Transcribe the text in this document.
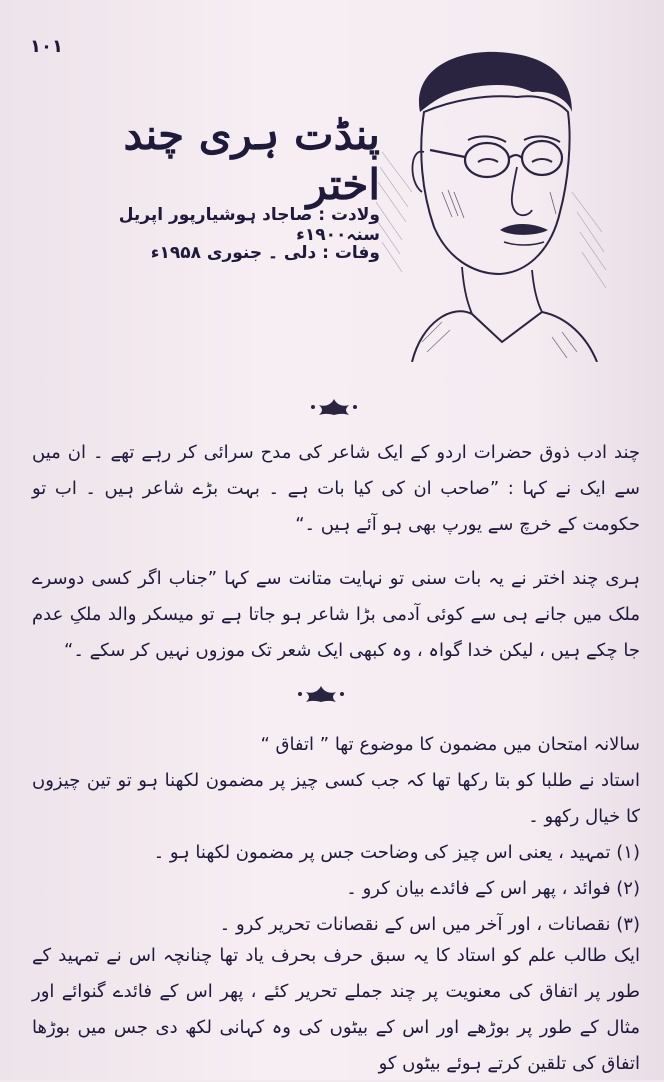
۱۰۱
پنڈت ہری چند اختر
ولادت : صاجاد ہوشیارپور اپریل سنہ۱۹۰۰ء
وفات : دلی ۔ جنوری ۱۹۵۸ء
چند ادب ذوق حضرات اردو کے ایک شاعر کی مدح سرائی کر رہے تھے ۔ ان میں سے ایک نے کہا : ”صاحب ان کی کیا بات ہے ۔ بہت بڑے شاعر ہیں ۔ اب تو حکومت کے خرچ سے یورپ بھی ہو آئے ہیں ۔“
ہری چند اختر نے یہ بات سنی تو نہایت متانت سے کہا ”جناب اگر کسی دوسرے ملک میں جانے ہی سے کوئی آدمی بڑا شاعر ہو جاتا ہے تو میسکر والد ملکِ عدم جا چکے ہیں ، لیکن خدا گواہ ، وہ کبھی ایک شعر تک موزوں نہیں کر سکے ۔“
سالانہ امتحان میں مضمون کا موضوع تھا ” اتفاق “
استاد نے طلبا کو بتا رکھا تھا کہ جب کسی چیز پر مضمون لکھنا ہو تو تین چیزوں کا خیال رکھو ۔
(۱) تمہید ، یعنی اس چیز کی وضاحت جس پر مضمون لکھنا ہو ۔
(۲) فوائد ، پھر اس کے فائدے بیان کرو ۔
(۳) نقصانات ، اور آخر میں اس کے نقصانات تحریر کرو ۔
ایک طالب علم کو استاد کا یہ سبق حرف بحرف یاد تھا چنانچہ اس نے تمہید کے طور پر اتفاق کی معنویت پر چند جملے تحریر کئے ، پھر اس کے فائدے گنوائے اور مثال کے طور پر بوڑھے اور اس کے بیٹوں کی وہ کہانی لکھ دی جس میں بوڑھا اتفاق کی تلقین کرتے ہوئے بیٹوں کو
